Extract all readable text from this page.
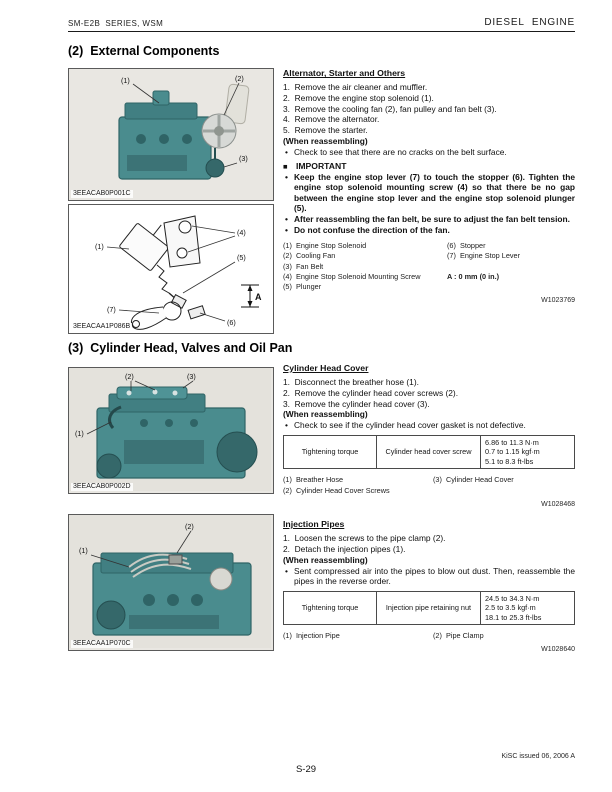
SM-E2B  SERIES, WSM	DIESEL  ENGINE
(2)  External Components
(1)	(2)
(3)
3EEACAB0P001C
(1)
(4)
(5)
(7)
(6)
A
3EEACAA1P086B
(3)  Cylinder Head, Valves and Oil Pan
(2)	(3)
(1)
3EEACAB0P002D
(2)
(1)
3EEACAA1P070C
Alternator, Starter and Others
1.  Remove the air cleaner and muffler.
2.  Remove the engine stop solenoid (1).
3.  Remove the cooling fan (2), fan pulley and fan belt (3).
4.  Remove the alternator.
5.  Remove the starter.
(When reassembling)
• Check to see that there are no cracks on the belt surface.
■ IMPORTANT
• Keep the engine stop lever (7) to touch the stopper (6). Tighten the engine stop solenoid mounting screw (4) so that there be no gap between the engine stop lever and the engine stop solenoid plunger (5).
• After reassembling the fan belt, be sure to adjust the fan belt tension.
• Do not confuse the direction of the fan.
(1)  Engine Stop Solenoid
(2)  Cooling Fan
(3)  Fan Belt
(4)  Engine Stop Solenoid Mounting Screw
(5)  Plunger
(6)  Stopper
(7)  Engine Stop Lever
A : 0 mm (0 in.)
W1023769
Cylinder Head Cover
1.  Disconnect the breather hose (1).
2.  Remove the cylinder head cover screws (2).
3.  Remove the cylinder head cover (3).
(When reassembling)
• Check to see if the cylinder head cover gasket is not defective.
Tightening torque	Cylinder head cover screw
6.86 to 11.3 N·m
0.7 to 1.15 kgf·m
5.1 to 8.3 ft-lbs
(1)  Breather Hose
(2)  Cylinder Head Cover Screws
(3)  Cylinder Head Cover
W1028468
Injection Pipes
1.  Loosen the screws to the pipe clamp (2).
2.  Detach the injection pipes (1).
(When reassembling)
• Sent compressed air into the pipes to blow out dust. Then, reassemble the pipes in the reverse order.
Tightening torque	Injection pipe retaining nut
24.5 to 34.3 N·m
2.5 to 3.5 kgf·m
18.1 to 25.3 ft-lbs
(1)  Injection Pipe	(2)  Pipe Clamp
W1028640
KiSC issued 06, 2006 A
S-29
